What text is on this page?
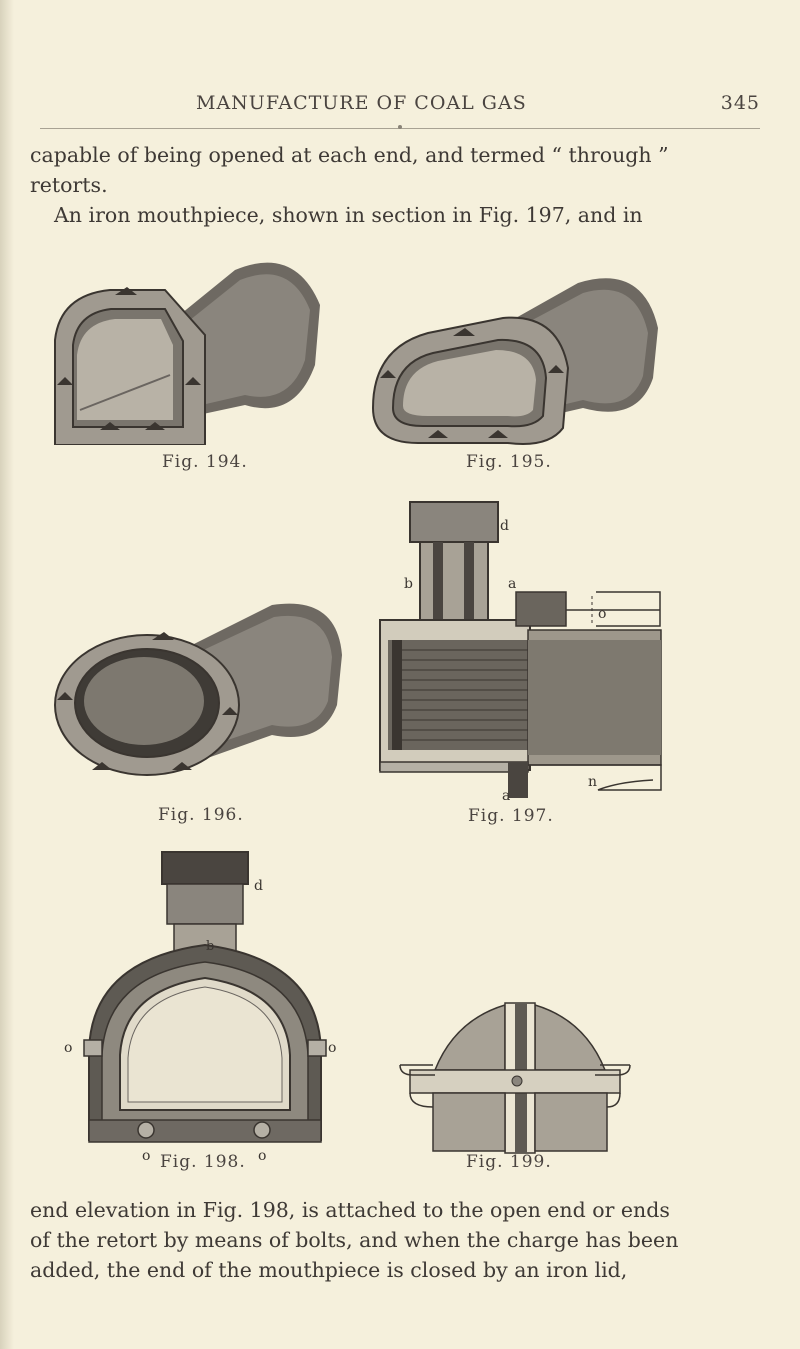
MANUFACTURE OF COAL GAS	345

capable of being opened at each end, and termed “ through ”

retorts.

An iron mouthpiece, shown in section in Fig. 197, and in

Fig. 194.	Fig. 195.
Fig. 196.
d
b	a
o
n
a
Fig. 197.
d
b
o	o
o	o
Fig. 198.	Fig. 199.

end elevation in Fig. 198, is attached to the open end or ends

of the retort by means of bolts, and when the charge has been

added, the end of the mouthpiece is closed by an iron lid,
